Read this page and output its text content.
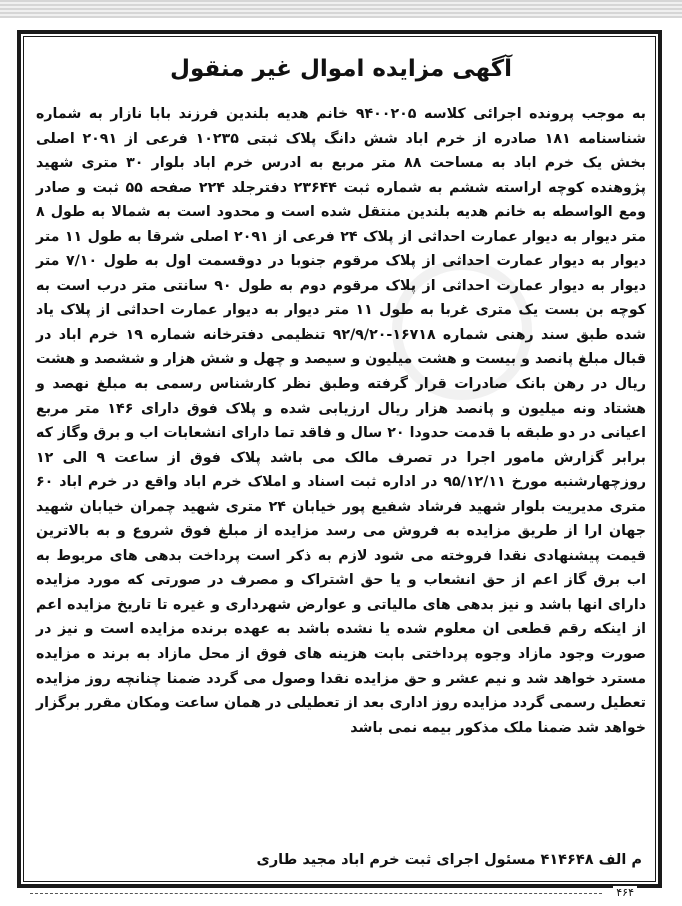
آگهی مزایده اموال غیر منقول

به موجب پرونده اجرائی کلاسه ۹۴۰۰۲۰۵ خانم هدیه بلندین فرزند بابا نازار به شماره شناسنامه ۱۸۱ صادره از خرم اباد شش دانگ پلاک ثبتی ۱۰۲۳۵ فرعی از ۲۰۹۱ اصلی بخش یک خرم اباد به مساحت ۸۸ متر مربع به ادرس خرم اباد بلوار ۳۰ متری شهید پژوهنده کوچه اراسته ششم به شماره ثبت ۲۳۶۴۴ دفترجلد ۲۲۴ صفحه ۵۵ ثبت و صادر ومع الواسطه به خانم هدیه بلندین منتقل شده است و محدود است به شمالا به طول ۸ متر دیوار به دیوار عمارت احداثی از پلاک ۲۴ فرعی از ۲۰۹۱ اصلی شرقا به طول ۱۱ متر دیوار به دیوار عمارت احداثی از پلاک مرقوم جنوبا در دوقسمت اول به طول ۷/۱۰ متر دیوار به دیوار عمارت احداثی از پلاک مرقوم دوم به طول ۹۰ سانتی متر درب است به کوچه بن بست یک متری غربا به طول ۱۱ متر دیوار به دیوار عمارت احداثی از پلاک یاد شده طبق سند رهنی شماره ۱۶۷۱۸-۹۲/۹/۲۰ تنظیمی دفترخانه شماره ۱۹ خرم اباد در قبال مبلغ پانصد و بیست و هشت میلیون و سیصد و چهل و شش هزار و ششصد و هشت ریال در رهن بانک صادرات قرار گرفته وطبق نظر کارشناس رسمی به مبلغ نهصد و هشتاد ونه میلیون و پانصد هزار ریال ارزیابی شده و پلاک فوق دارای ۱۴۶ متر مربع اعیانی در دو طبقه با قدمت حدودا ۲۰ سال و فاقد تما دارای انشعابات اب و برق وگاز که برابر گزارش مامور اجرا در تصرف مالک می باشد پلاک فوق از ساعت ۹ الی ۱۲ روزچهارشنبه مورخ ۹۵/۱۲/۱۱ در اداره ثبت اسناد و املاک خرم اباد واقع در خرم اباد ۶۰ متری مدیریت بلوار شهید فرشاد شفیع پور خیابان ۲۴ متری شهید چمران خیابان شهید جهان ارا از طریق مزایده به فروش می رسد مزایده از مبلغ فوق شروع و به بالاترین قیمت پیشنهادی نقدا فروخته می شود لازم به ذکر است پرداخت بدهی های مربوط به اب برق گاز اعم از حق انشعاب و یا حق اشتراک و مصرف در صورتی که مورد مزایده دارای انها باشد و نیز بدهی های مالیاتی و عوارض شهرداری و غیره تا تاریخ مزایده اعم از اینکه رقم قطعی ان معلوم شده یا نشده باشد به عهده برنده مزایده است و نیز در صورت وجود مازاد وجوه پرداختی بابت هزینه های فوق از محل مازاد به برند ه مزایده مسترد خواهد شد و نیم عشر و حق مزایده نقدا وصول می گردد ضمنا چنانچه روز مزایده تعطیل رسمی گردد مزایده روز اداری بعد از تعطیلی در همان ساعت ومکان مقرر برگزار خواهد شد ضمنا ملک مذکور بیمه نمی باشد

م الف ۴۱۴۶۴۸ مسئول اجرای ثبت خرم اباد مجید طاری

۴۶۴
